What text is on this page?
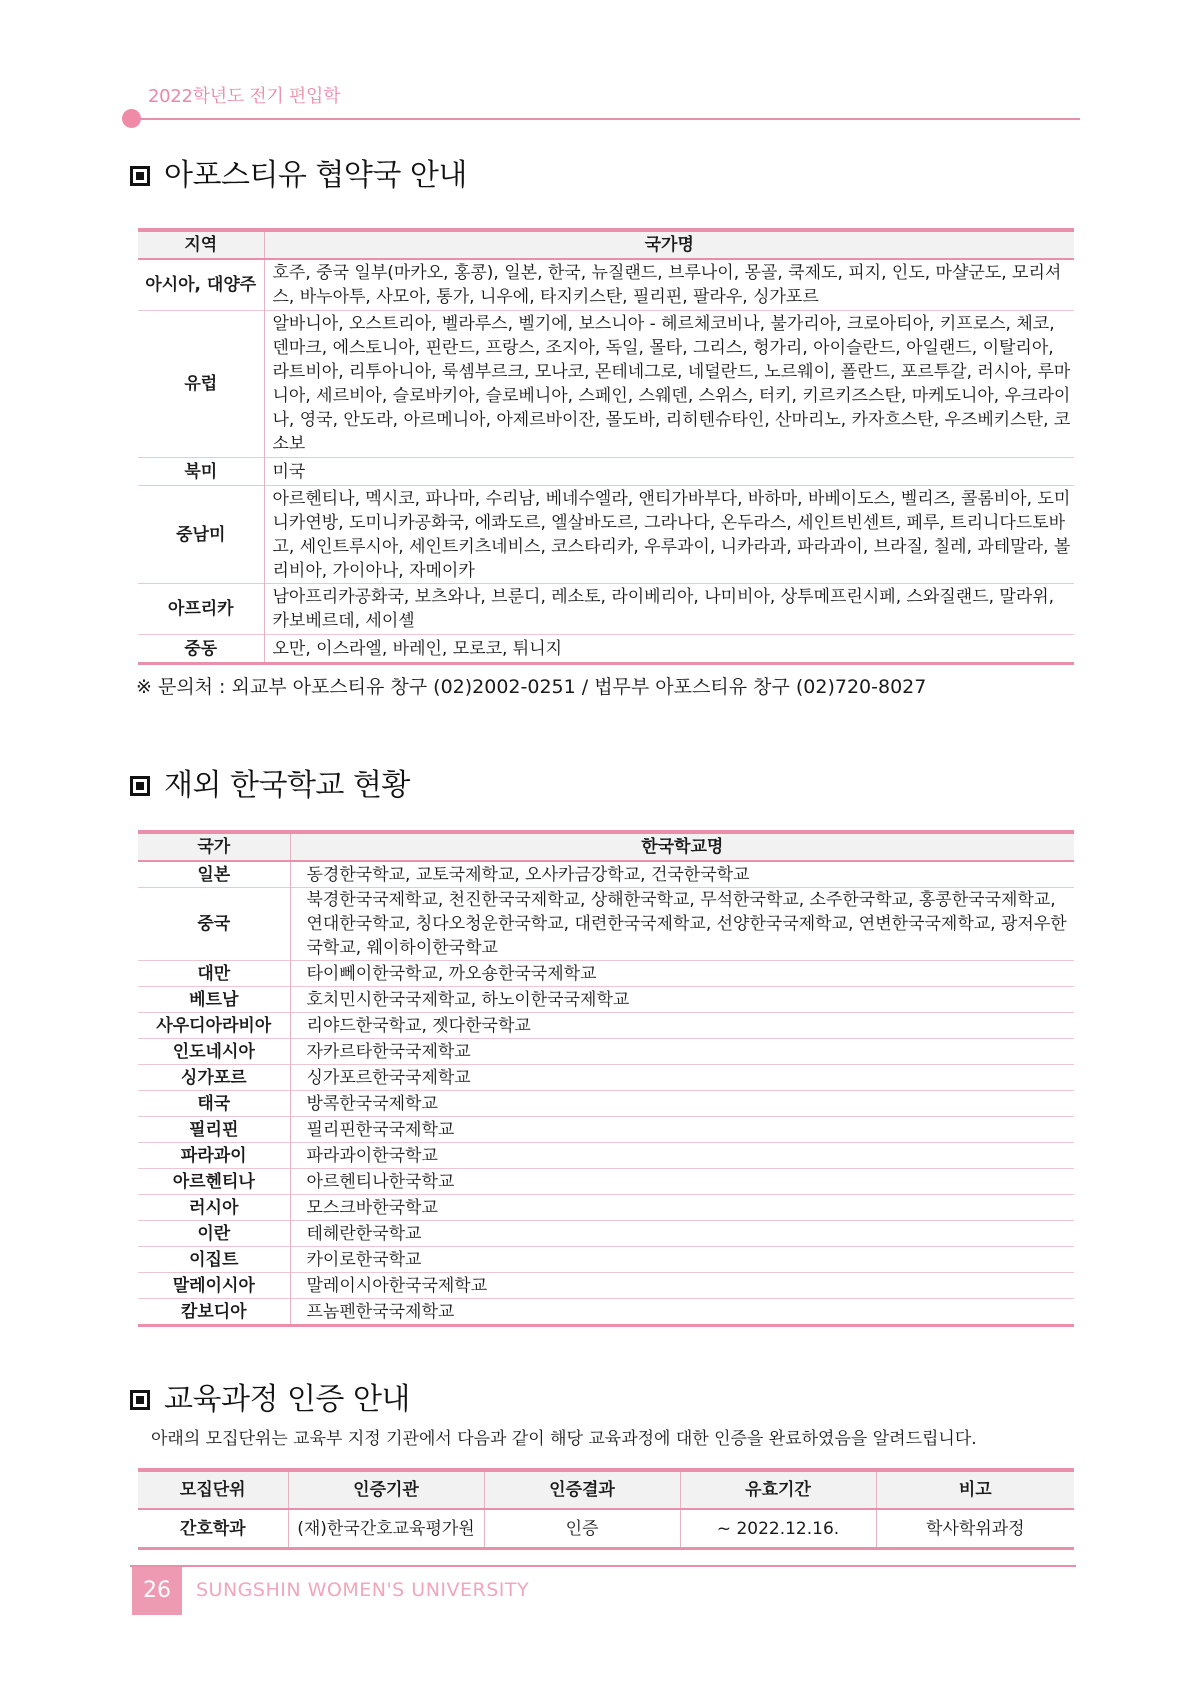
2022학년도 전기 편입학
아포스티유 협약국 안내
지역	국가명
아시아, 대양주	호주, 중국 일부(마카오, 홍콩), 일본, 한국, 뉴질랜드, 브루나이, 몽골, 쿡제도, 피지, 인도, 마샬군도, 모리셔스, 바누아투, 사모아, 통가, 니우에, 타지키스탄, 필리핀, 팔라우, 싱가포르
유럽	알바니아, 오스트리아, 벨라루스, 벨기에, 보스니아 - 헤르체코비나, 불가리아, 크로아티아, 키프로스, 체코, 덴마크, 에스토니아, 핀란드, 프랑스, 조지아, 독일, 몰타, 그리스, 헝가리, 아이슬란드, 아일랜드, 이탈리아, 라트비아, 리투아니아, 룩셈부르크, 모나코, 몬테네그로, 네덜란드, 노르웨이, 폴란드, 포르투갈, 러시아, 루마니아, 세르비아, 슬로바키아, 슬로베니아, 스페인, 스웨덴, 스위스, 터키, 키르키즈스탄, 마케도니아, 우크라이나, 영국, 안도라, 아르메니아, 아제르바이잔, 몰도바, 리히텐슈타인, 산마리노, 카자흐스탄, 우즈베키스탄, 코소보
북미	미국
중남미	아르헨티나, 멕시코, 파나마, 수리남, 베네수엘라, 앤티가바부다, 바하마, 바베이도스, 벨리즈, 콜롬비아, 도미니카연방, 도미니카공화국, 에콰도르, 엘살바도르, 그라나다, 온두라스, 세인트빈센트, 페루, 트리니다드토바고, 세인트루시아, 세인트키츠네비스, 코스타리카, 우루과이, 니카라과, 파라과이, 브라질, 칠레, 과테말라, 볼리비아, 가이아나, 자메이카
아프리카	남아프리카공화국, 보츠와나, 브룬디, 레소토, 라이베리아, 나미비아, 상투메프린시페, 스와질랜드, 말라위, 카보베르데, 세이셸
중동	오만, 이스라엘, 바레인, 모로코, 튀니지
※ 문의처 : 외교부 아포스티유 창구 (02)2002-0251 / 법무부 아포스티유 창구 (02)720-8027
재외 한국학교 현황
국가	한국학교명
일본	동경한국학교, 교토국제학교, 오사카금강학교, 건국한국학교
중국	북경한국국제학교, 천진한국국제학교, 상해한국학교, 무석한국학교, 소주한국학교, 홍콩한국국제학교, 연대한국학교, 칭다오청운한국학교, 대련한국국제학교, 선양한국국제학교, 연변한국국제학교, 광저우한국학교, 웨이하이한국학교
대만	타이뻬이한국학교, 까오숑한국국제학교
베트남	호치민시한국국제학교, 하노이한국국제학교
사우디아라비아	리야드한국학교, 젯다한국학교
인도네시아	자카르타한국국제학교
싱가포르	싱가포르한국국제학교
태국	방콕한국국제학교
필리핀	필리핀한국국제학교
파라과이	파라과이한국학교
아르헨티나	아르헨티나한국학교
러시아	모스크바한국학교
이란	테헤란한국학교
이집트	카이로한국학교
말레이시아	말레이시아한국국제학교
캄보디아	프놈펜한국국제학교
교육과정 인증 안내
아래의 모집단위는 교육부 지정 기관에서 다음과 같이 해당 교육과정에 대한 인증을 완료하였음을 알려드립니다.
모집단위	인증기관	인증결과	유효기간	비고
간호학과	(재)한국간호교육평가원	인증	~ 2022.12.16.	학사학위과정
26	SUNGSHIN WOMEN'S UNIVERSITY
